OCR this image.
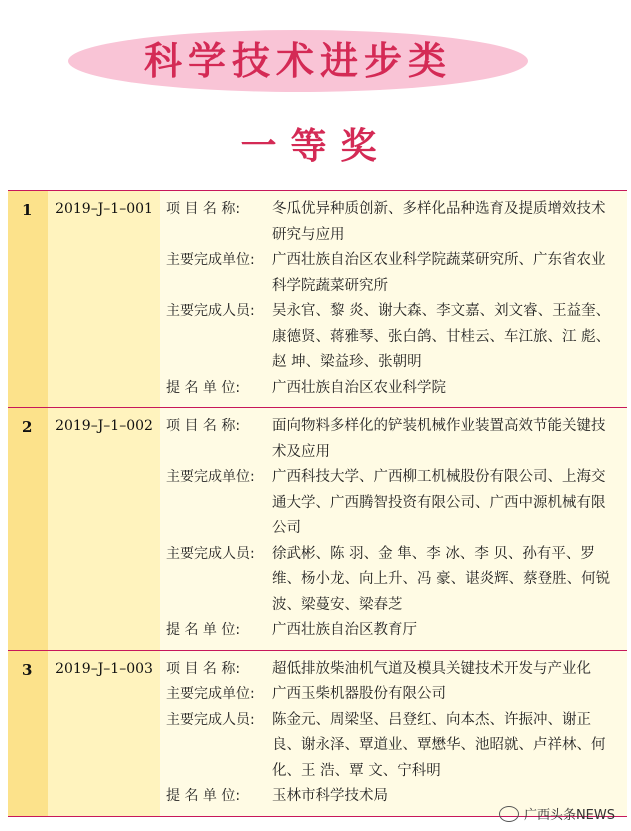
科学技术进步类
一等奖
1	2019–J–1–001 项 目 名 称:	冬瓜优异种质创新、多样化品种选育及提质增效技术研究与应用
主要完成单位:	广西壮族自治区农业科学院蔬菜研究所、广东省农业科学院蔬菜研究所
主要完成人员:	吴永官、黎 炎、谢大森、李文嘉、刘文睿、王益奎、康德贤、蒋雅琴、张白鸽、甘桂云、车江旅、江 彪、赵 坤、梁益珍、张朝明
提 名 单 位:	广西壮族自治区农业科学院
2	2019–J–1–002 项 目 名 称:	面向物料多样化的铲装机械作业装置高效节能关键技术及应用
主要完成单位:	广西科技大学、广西柳工机械股份有限公司、上海交通大学、广西腾智投资有限公司、广西中源机械有限公司
主要完成人员:	徐武彬、陈 羽、金 隼、李 冰、李 贝、孙有平、罗 维、杨小龙、向上升、冯 豪、谌炎辉、蔡登胜、何锐波、梁蔓安、梁春芝
提 名 单 位:	广西壮族自治区教育厅
3	2019–J–1–003 项 目 名 称:	超低排放柴油机气道及模具关键技术开发与产业化
主要完成单位:	广西玉柴机器股份有限公司
主要完成人员:	陈金元、周梁坚、吕登红、向本杰、许振冲、谢正良、谢永泽、覃道业、覃懋华、池昭就、卢祥林、何 化、王 浩、覃 文、宁科明
提 名 单 位:	玉林市科学技术局
广西头条NEWS
